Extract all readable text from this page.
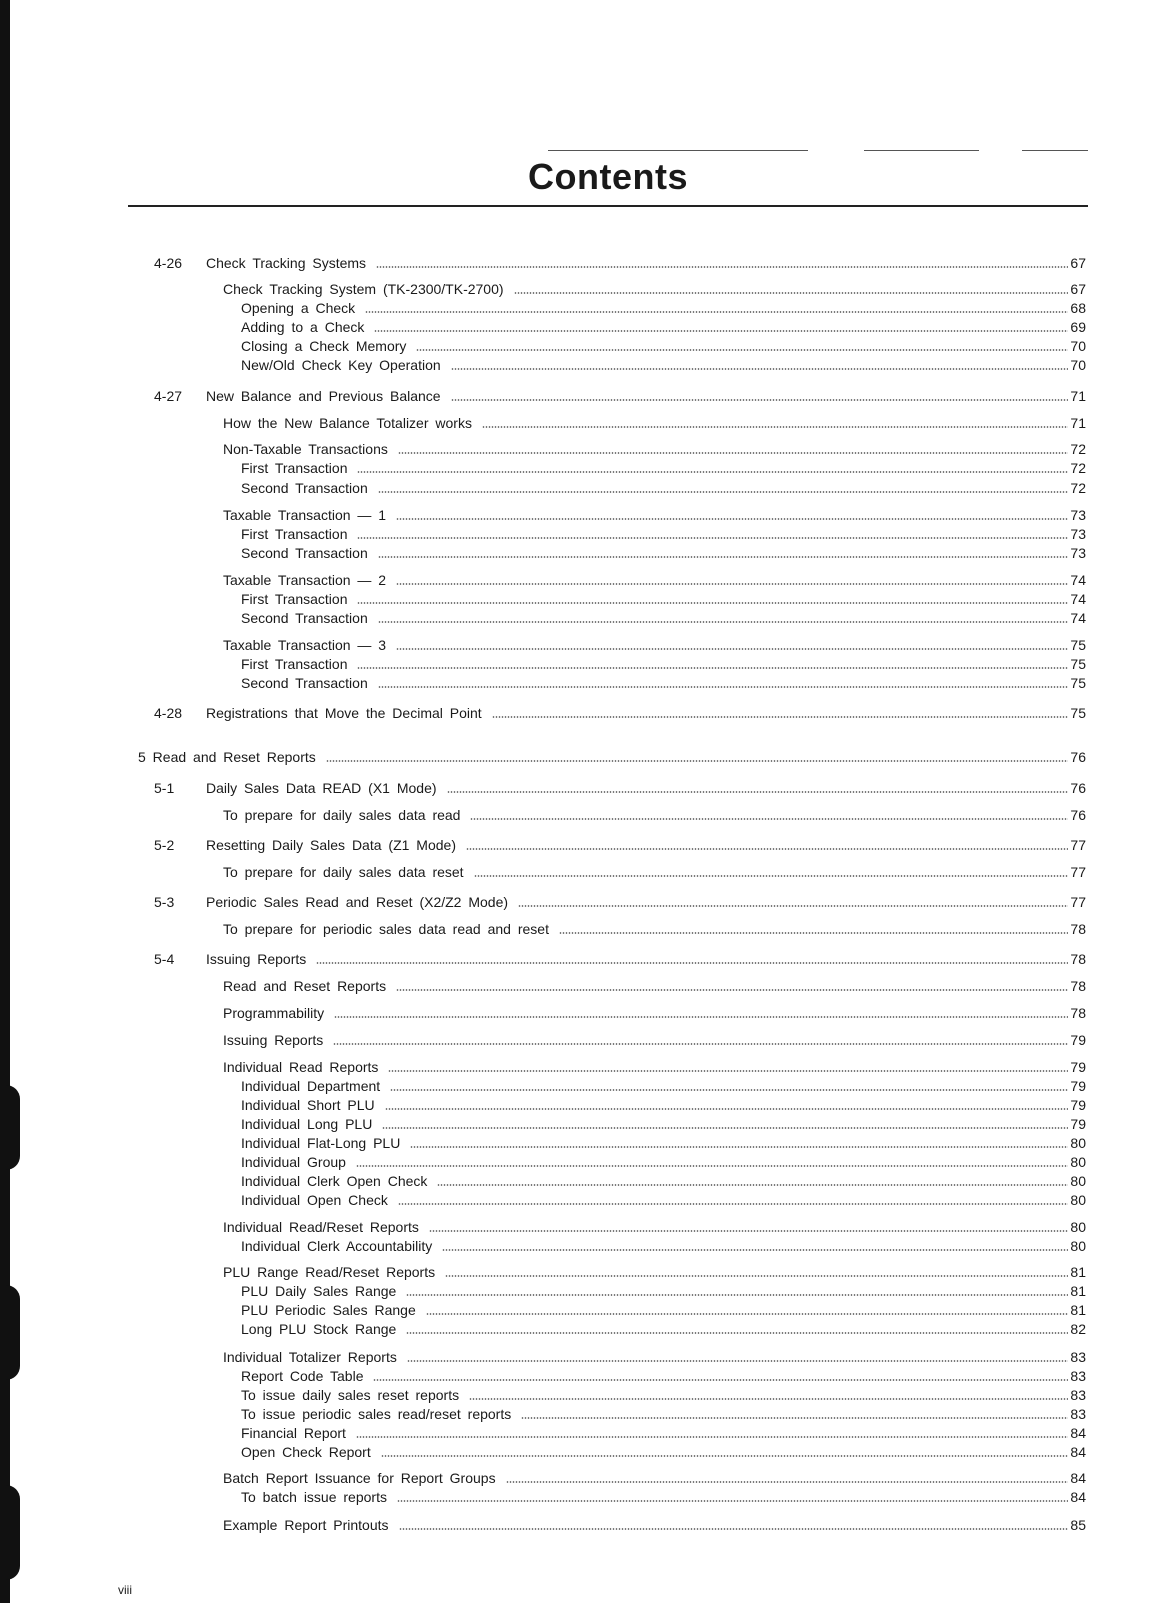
Contents
4-26 Check Tracking Systems	67
Check Tracking System (TK-2300/TK-2700)	67
Opening a Check	68
Adding to a Check	69
Closing a Check Memory	70
New/Old Check Key Operation	70
4-27 New Balance and Previous Balance	71
How the New Balance Totalizer works	71
Non-Taxable Transactions	72
First Transaction	72
Second Transaction	72
Taxable Transaction — 1	73
First Transaction	73
Second Transaction	73
Taxable Transaction — 2	74
First Transaction	74
Second Transaction	74
Taxable Transaction — 3	75
First Transaction	75
Second Transaction	75
4-28 Registrations that Move the Decimal Point	75
5 Read and Reset Reports	76
5-1 Daily Sales Data READ (X1 Mode)	76
To prepare for daily sales data read	76
5-2 Resetting Daily Sales Data (Z1 Mode)	77
To prepare for daily sales data reset	77
5-3 Periodic Sales Read and Reset (X2/Z2 Mode)	77
To prepare for periodic sales data read and reset	78
5-4 Issuing Reports	78
Read and Reset Reports	78
Programmability	78
Issuing Reports	79
Individual Read Reports	79
Individual Department	79
Individual Short PLU	79
Individual Long PLU	79
Individual Flat-Long PLU	80
Individual Group	80
Individual Clerk Open Check	80
Individual Open Check	80
Individual Read/Reset Reports	80
Individual Clerk Accountability	80
PLU Range Read/Reset Reports	81
PLU Daily Sales Range	81
PLU Periodic Sales Range	81
Long PLU Stock Range	82
Individual Totalizer Reports	83
Report Code Table	83
To issue daily sales reset reports	83
To issue periodic sales read/reset reports	83
Financial Report	84
Open Check Report	84
Batch Report Issuance for Report Groups	84
To batch issue reports	84
Example Report Printouts	85
viii
